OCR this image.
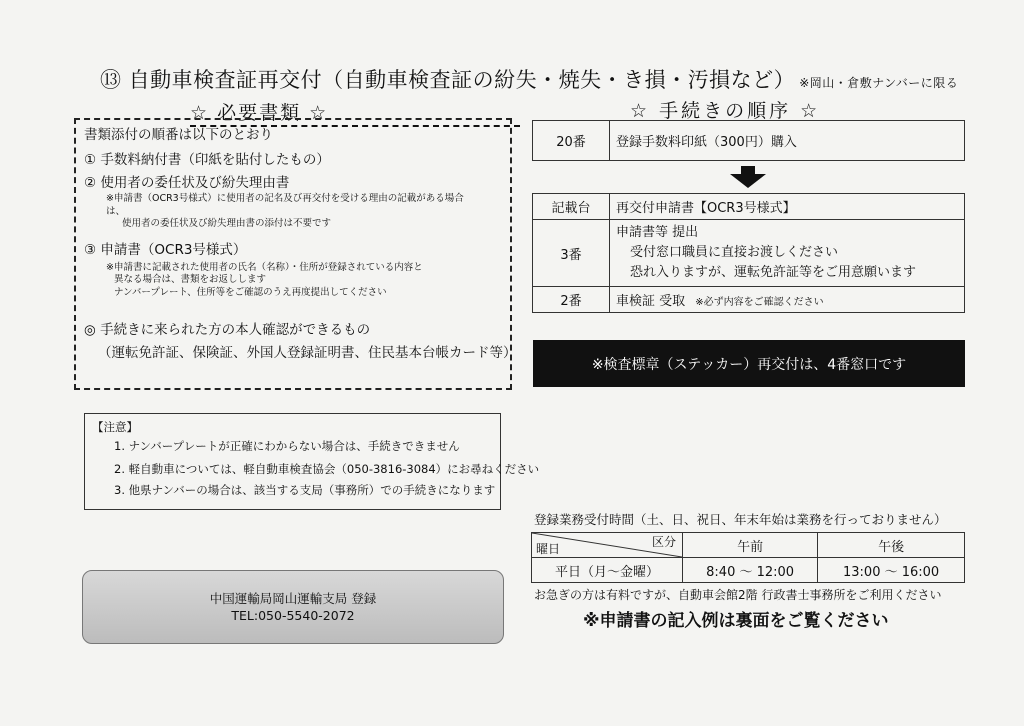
⑬ 自動車検査証再交付（自動車検査証の紛失・焼失・き損・汚損など） ※岡山・倉敷ナンバーに限る
☆ 必要書類 ☆	☆ 手続きの順序 ☆
書類添付の順番は以下のとおり
① 手数料納付書（印紙を貼付したもの）
② 使用者の委任状及び紛失理由書
※申請書（OCR3号様式）に使用者の記名及び再交付を受ける理由の記載がある場合
は、
使用者の委任状及び紛失理由書の添付は不要です
③ 申請書（OCR3号様式）
※申請書に記載された使用者の氏名（名称）・住所が登録されている内容と
異なる場合は、書類をお返しします
ナンバープレート、住所等をご確認のうえ再度提出してください
◎ 手続きに来られた方の本人確認ができるもの
（運転免許証、保険証、外国人登録証明書、住民基本台帳カード等）
20番	登録手数料印紙（300円）購入
記載台	再交付申請書【OCR3号様式】
3番	申請書等 提出
受付窓口職員に直接お渡しください
恐れ入りますが、運転免許証等をご用意願います

2番	車検証 受取 ※必ず内容をご確認ください
※検査標章（ステッカー）再交付は、4番窓口です
【注意】
1. ナンバープレートが正確にわからない場合は、手続きできません
2. 軽自動車については、軽自動車検査協会（050-3816-3084）にお尋ねください
3. 他県ナンバーの場合は、該当する支局（事務所）での手続きになります
中国運輸局岡山運輸支局 登録
TEL:050-5540-2072
登録業務受付時間（土、日、祝日、年末年始は業務を行っておりません）
区分
曜日	午前	午後
平日（月～金曜）	8:40 ～ 12:00	13:00 ～ 16:00
お急ぎの方は有料ですが、自動車会館2階 行政書士事務所をご利用ください
※申請書の記入例は裏面をご覧ください
